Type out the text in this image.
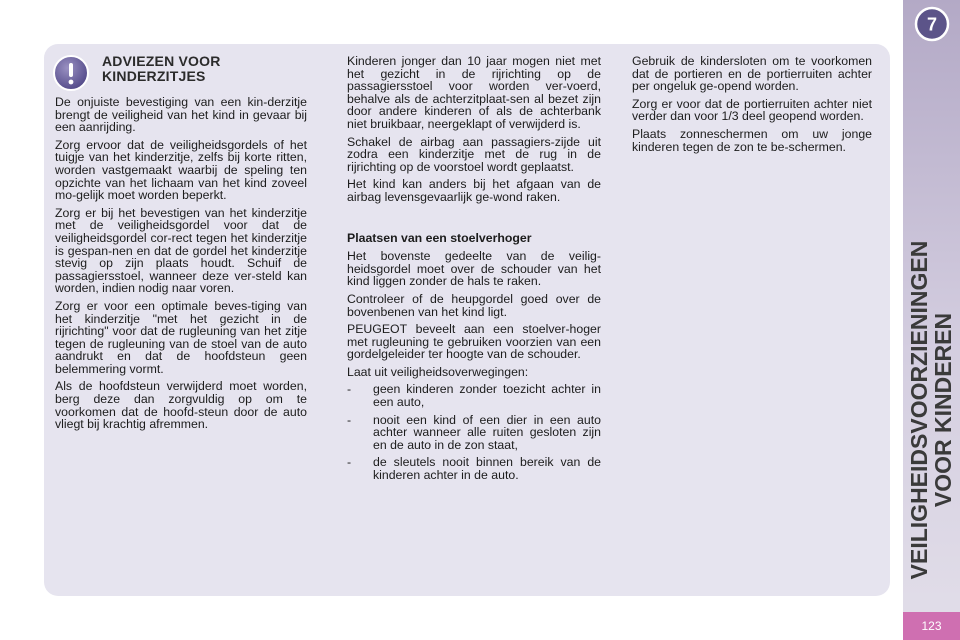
ADVIEZEN VOOR KINDERZITJES

De onjuiste bevestiging van een kin-derzitje brengt de veiligheid van het kind in gevaar bij een aanrijding.

Zorg ervoor dat de veiligheidsgordels of het tuigje van het kinderzitje, zelfs bij korte ritten, worden vastgemaakt waarbij de speling ten opzichte van het lichaam van het kind zoveel mo-gelijk moet worden beperkt.

Zorg er bij het bevestigen van het kinderzitje met de veiligheidsgordel voor dat de veiligheidsgordel cor-rect tegen het kinderzitje is gespan-nen en dat de gordel het kinderzitje stevig op zijn plaats houdt. Schuif de passagiersstoel, wanneer deze ver-steld kan worden, indien nodig naar voren.

Zorg er voor een optimale beves-tiging van het kinderzitje "met het gezicht in de rijrichting" voor dat de rugleuning van het zitje tegen de rugleuning van de stoel van de auto aandrukt en dat de hoofdsteun geen belemmering vormt.

Als de hoofdsteun verwijderd moet worden, berg deze dan zorgvuldig op om te voorkomen dat de hoofd-steun door de auto vliegt bij krachtig afremmen.

Kinderen jonger dan 10 jaar mogen niet met het gezicht in de rijrichting op de passagiersstoel voor worden ver-voerd, behalve als de achterzitplaat-sen al bezet zijn door andere kinderen of als de achterbank niet bruikbaar, neergeklapt of verwijderd is.

Schakel de airbag aan passagiers-zijde uit zodra een kinderzitje met de rug in de rijrichting op de voorstoel wordt geplaatst.

Het kind kan anders bij het afgaan van de airbag levensgevaarlijk ge-wond raken.

Plaatsen van een stoelverhoger

Het bovenste gedeelte van de veilig-heidsgordel moet over de schouder van het kind liggen zonder de hals te raken.

Controleer of de heupgordel goed over de bovenbenen van het kind ligt.

PEUGEOT beveelt aan een stoelver-hoger met rugleuning te gebruiken voorzien van een gordelgeleider ter hoogte van de schouder.

Laat uit veiligheidsoverwegingen:

-	geen kinderen zonder toezicht achter in een auto,
-	nooit een kind of een dier in een auto achter wanneer alle ruiten gesloten zijn en de auto in de zon staat,
-	de sleutels nooit binnen bereik van de kinderen achter in de auto.

Gebruik de kindersloten om te voorkomen dat de portieren en de portierruiten achter per ongeluk ge-opend worden.

Zorg er voor dat de portierruiten achter niet verder dan voor 1/3 deel geopend worden.

Plaats zonneschermen om uw jonge kinderen tegen de zon te be-schermen.

7
VEILIGHEIDSVOORZIENINGEN
VOOR KINDEREN
123
